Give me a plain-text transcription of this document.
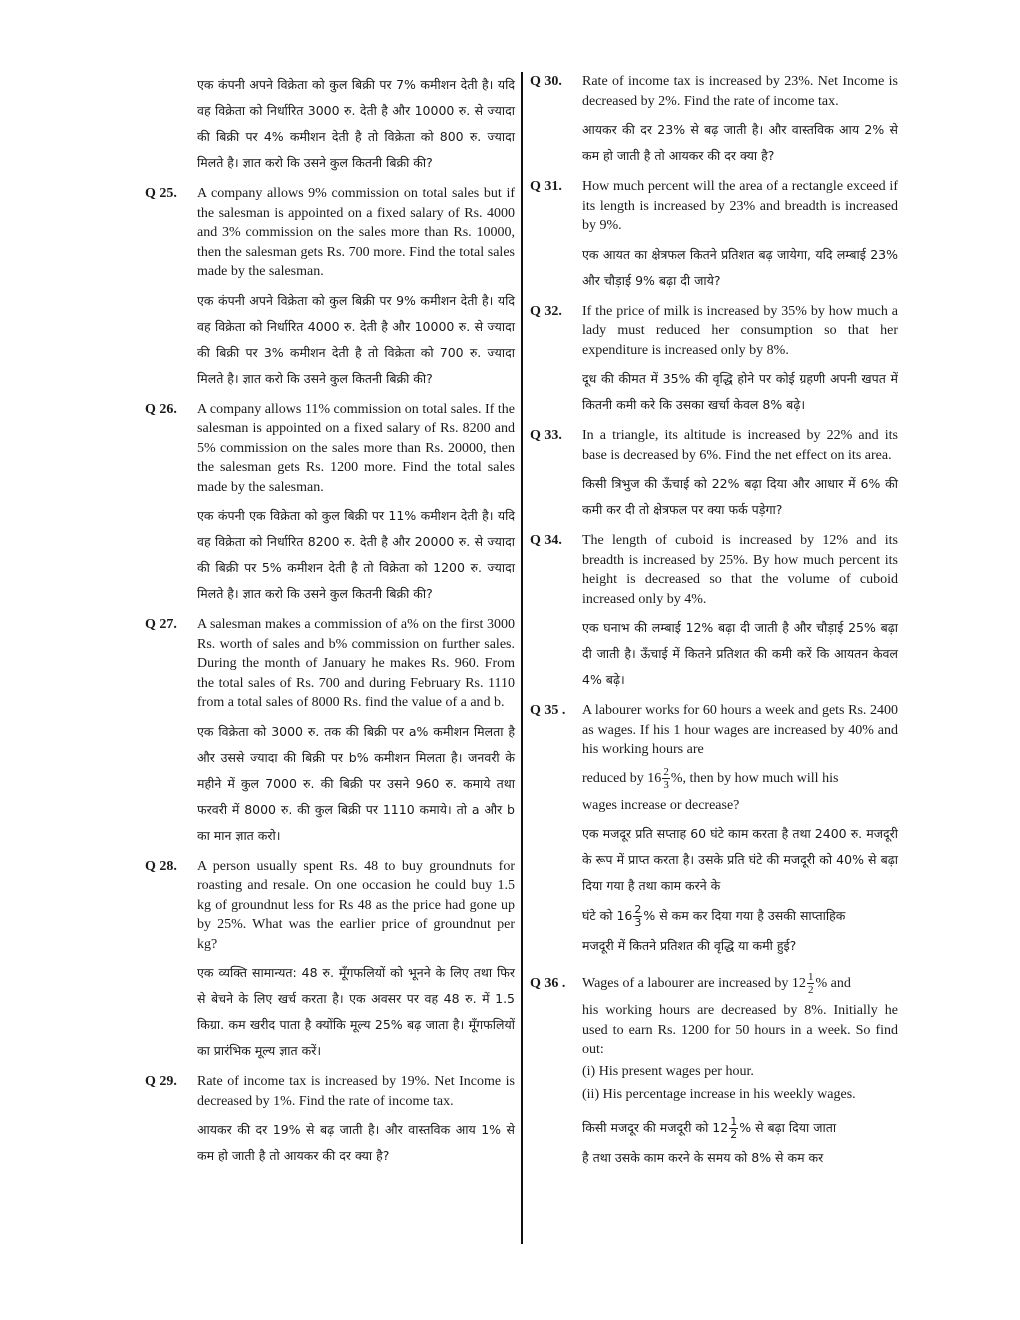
एक कंपनी अपने विक्रेता को कुल बिक्री पर 7% कमीशन देती है। यदि वह विक्रेता को निर्धारित 3000 रु. देती है और 10000 रु. से ज्यादा की बिक्री पर 4% कमीशन देती है तो विक्रेता को 800 रु. ज्यादा मिलते है। ज्ञात करो कि उसने कुल कितनी बिक्री की?

Q 25.	A company allows 9% commission on total sales but if the salesman is appointed on a fixed salary of Rs. 4000 and 3% commission on the sales more than Rs. 10000, then the salesman gets Rs. 700 more. Find the total sales made by the salesman.

एक कंपनी अपने विक्रेता को कुल बिक्री पर 9% कमीशन देती है। यदि वह विक्रेता को निर्धारित 4000 रु. देती है और 10000 रु. से ज्यादा की बिक्री पर 3% कमीशन देती है तो विक्रेता को 700 रु. ज्यादा मिलते है। ज्ञात करो कि उसने कुल कितनी बिक्री की?

Q 26.	A company allows 11% commission on total sales. If the salesman is appointed on a fixed salary of Rs. 8200 and 5% commission on the sales more than Rs. 20000, then the salesman gets Rs. 1200 more. Find the total sales made by the salesman.

एक कंपनी एक विक्रेता को कुल बिक्री पर 11% कमीशन देती है। यदि वह विक्रेता को निर्धारित 8200 रु. देती है और 20000 रु. से ज्यादा की बिक्री पर 5% कमीशन देती है तो विक्रेता को 1200 रु. ज्यादा मिलते है। ज्ञात करो कि उसने कुल कितनी बिक्री की?

Q 27.	A salesman makes a commission of a% on the first 3000 Rs. worth of sales and b% commission on further sales. During the month of January he makes Rs. 960. From the total sales of Rs. 700 and during February Rs. 1110 from a total sales of 8000 Rs. find the value of a and b.

एक विक्रेता को 3000 रु. तक की बिक्री पर a% कमीशन मिलता है और उससे ज्यादा की बिक्री पर b% कमीशन मिलता है। जनवरी के महीने में कुल 7000 रु. की बिक्री पर उसने 960 रु. कमाये तथा फरवरी में 8000 रु. की कुल बिक्री पर 1110 कमाये। तो a और b का मान ज्ञात करो।

Q 28.	A person usually spent Rs. 48 to buy groundnuts for roasting and resale. On one occasion he could buy 1.5 kg of groundnut less for Rs 48 as the price had gone up by 25%. What was the earlier price of groundnut per kg?

एक व्यक्ति सामान्यत: 48 रु. मूँगफलियों को भूनने के लिए तथा फिर से बेचने के लिए खर्च करता है। एक अवसर पर वह 48 रु. में 1.5 किग्रा. कम खरीद पाता है क्योंकि मूल्य 25% बढ़ जाता है। मूँगफलियों का प्रारंभिक मूल्य ज्ञात करें।

Q 29.	Rate of income tax is increased by 19%. Net Income is decreased by 1%. Find the rate of income tax.

आयकर की दर 19% से बढ़ जाती है। और वास्तविक आय 1% से कम हो जाती है तो आयकर की दर क्या है?

Q 30.	Rate of income tax is increased by 23%. Net Income is decreased by 2%. Find the rate of income tax.

आयकर की दर 23% से बढ़ जाती है। और वास्तविक आय 2% से कम हो जाती है तो आयकर की दर क्या है?

Q 31.	How much percent will the area of a rectangle exceed if its length is increased by 23% and breadth is increased by 9%.

एक आयत का क्षेत्रफल कितने प्रतिशत बढ़ जायेगा, यदि लम्बाई 23% और चौड़ाई 9% बढ़ा दी जाये?

Q 32.	If the price of milk is increased by 35% by how much a lady must reduced her consumption so that her expenditure is increased only by 8%.

दूध की कीमत में 35% की वृद्धि होने पर कोई ग्रहणी अपनी खपत में कितनी कमी करे कि उसका खर्चा केवल 8% बढ़े।

Q 33.	In a triangle, its altitude is increased by 22% and its base is decreased by 6%. Find the net effect on its area.

किसी त्रिभुज की ऊँचाई को 22% बढ़ा दिया और आधार में 6% की कमी कर दी तो क्षेत्रफल पर क्या फर्क पड़ेगा?

Q 34.	The length of cuboid is increased by 12% and its breadth is increased by 25%. By how much percent its height is decreased so that the volume of cuboid increased only by 4%.

एक घनाभ की लम्बाई 12% बढ़ा दी जाती है और चौड़ाई 25% बढ़ा दी जाती है। ऊँचाई में कितने प्रतिशत की कमी करें कि आयतन केवल 4% बढ़े।

Q 35 .	A labourer works for 60 hours a week and gets Rs. 2400 as wages. If his 1 hour wages are increased by 40% and his working hours are

reduced by $16 \frac{2}{3}$ %, then by how much will his

wages increase or decrease?

एक मजदूर प्रति सप्ताह 60 घंटे काम करता है तथा 2400 रु. मजदूरी के रूप में प्राप्त करता है। उसके प्रति घंटे की मजदूरी को 40% से बढ़ा दिया गया है तथा काम करने के

घंटे को $16 \frac{2}{3}$ % से कम कर दिया गया है उसकी साप्ताहिक

मजदूरी में कितने प्रतिशत की वृद्धि या कमी हुई?

Q 36 .	Wages of a labourer are increased by $12 \frac{1}{2}$ % and

his working hours are decreased by 8%. Initially he used to earn Rs. 1200 for 50 hours in a week. So find out:

(i) His present wages per hour.

(ii) His percentage increase in his weekly wages.

किसी मजदूर की मजदूरी को $12 \frac{1}{2}$ % से बढ़ा दिया जाता

है तथा उसके काम करने के समय को 8% से कम कर
